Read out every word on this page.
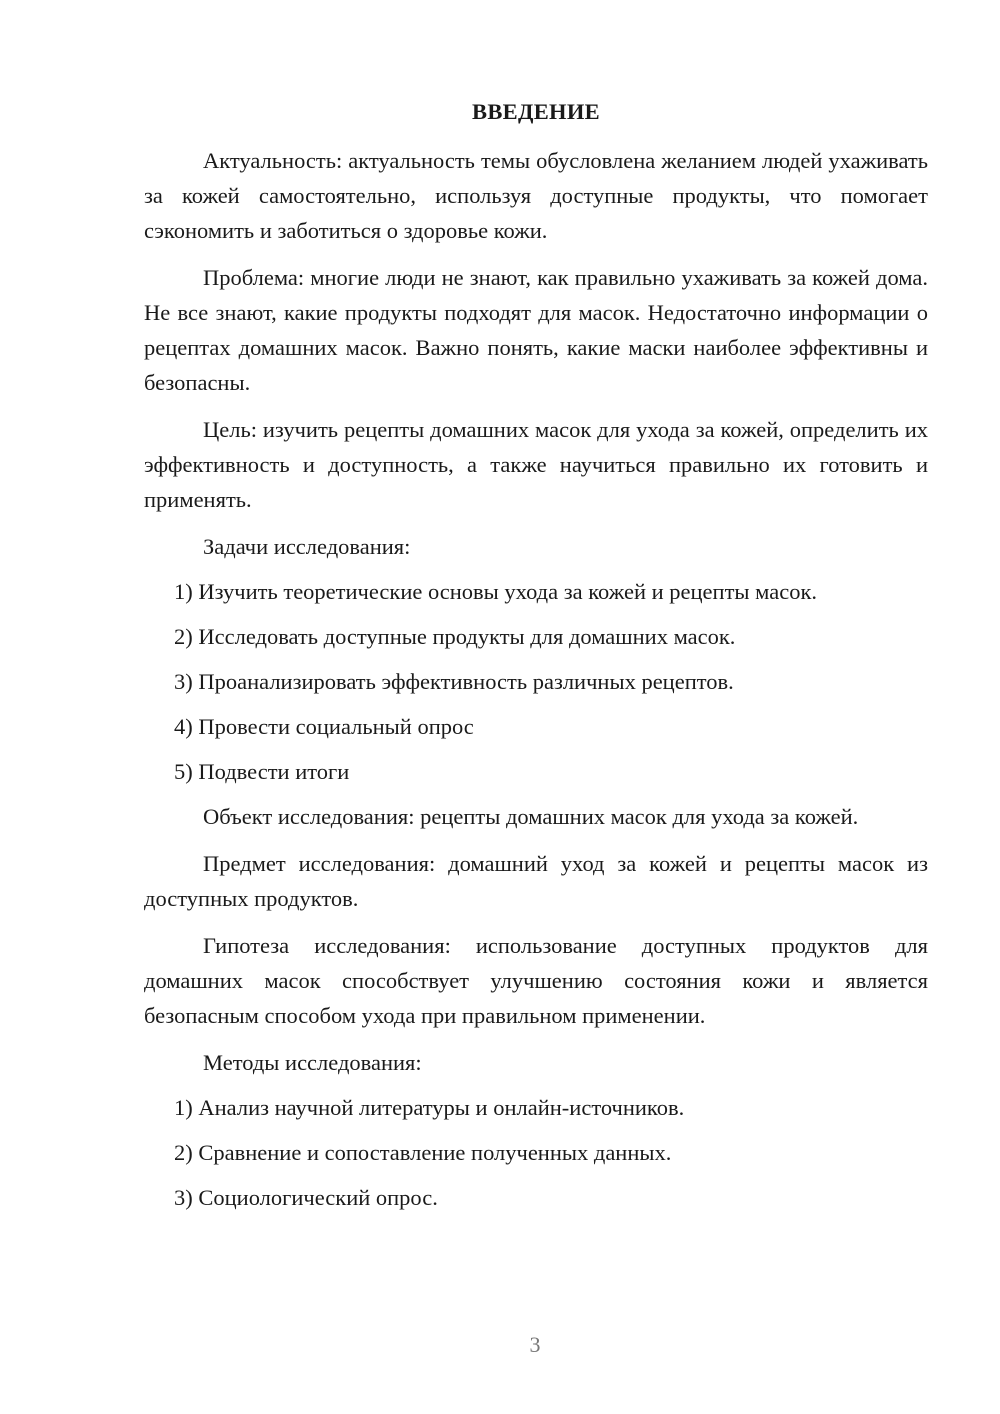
ВВЕДЕНИЕ

Актуальность: актуальность темы обусловлена желанием людей ухаживать за кожей самостоятельно, используя доступные продукты, что помогает сэкономить и заботиться о здоровье кожи.

Проблема: многие люди не знают, как правильно ухаживать за кожей дома. Не все знают, какие продукты подходят для масок. Недостаточно информации о рецептах домашних масок. Важно понять, какие маски наиболее эффективны и безопасны.

Цель: изучить рецепты домашних масок для ухода за кожей, определить их эффективность и доступность, а также научиться правильно их готовить и применять.

Задачи исследования:

1) Изучить теоретические основы ухода за кожей и рецепты масок.

2) Исследовать доступные продукты для домашних масок.

3) Проанализировать эффективность различных рецептов.

4) Провести социальный опрос

5) Подвести итоги

Объект исследования: рецепты домашних масок для ухода за кожей.

Предмет исследования: домашний уход за кожей и рецепты масок из доступных продуктов.

Гипотеза исследования: использование доступных продуктов для домашних масок способствует улучшению состояния кожи и является безопасным способом ухода при правильном применении.

Методы исследования:

1) Анализ научной литературы и онлайн-источников.

2) Сравнение и сопоставление полученных данных.

3) Социологический опрос.

3
